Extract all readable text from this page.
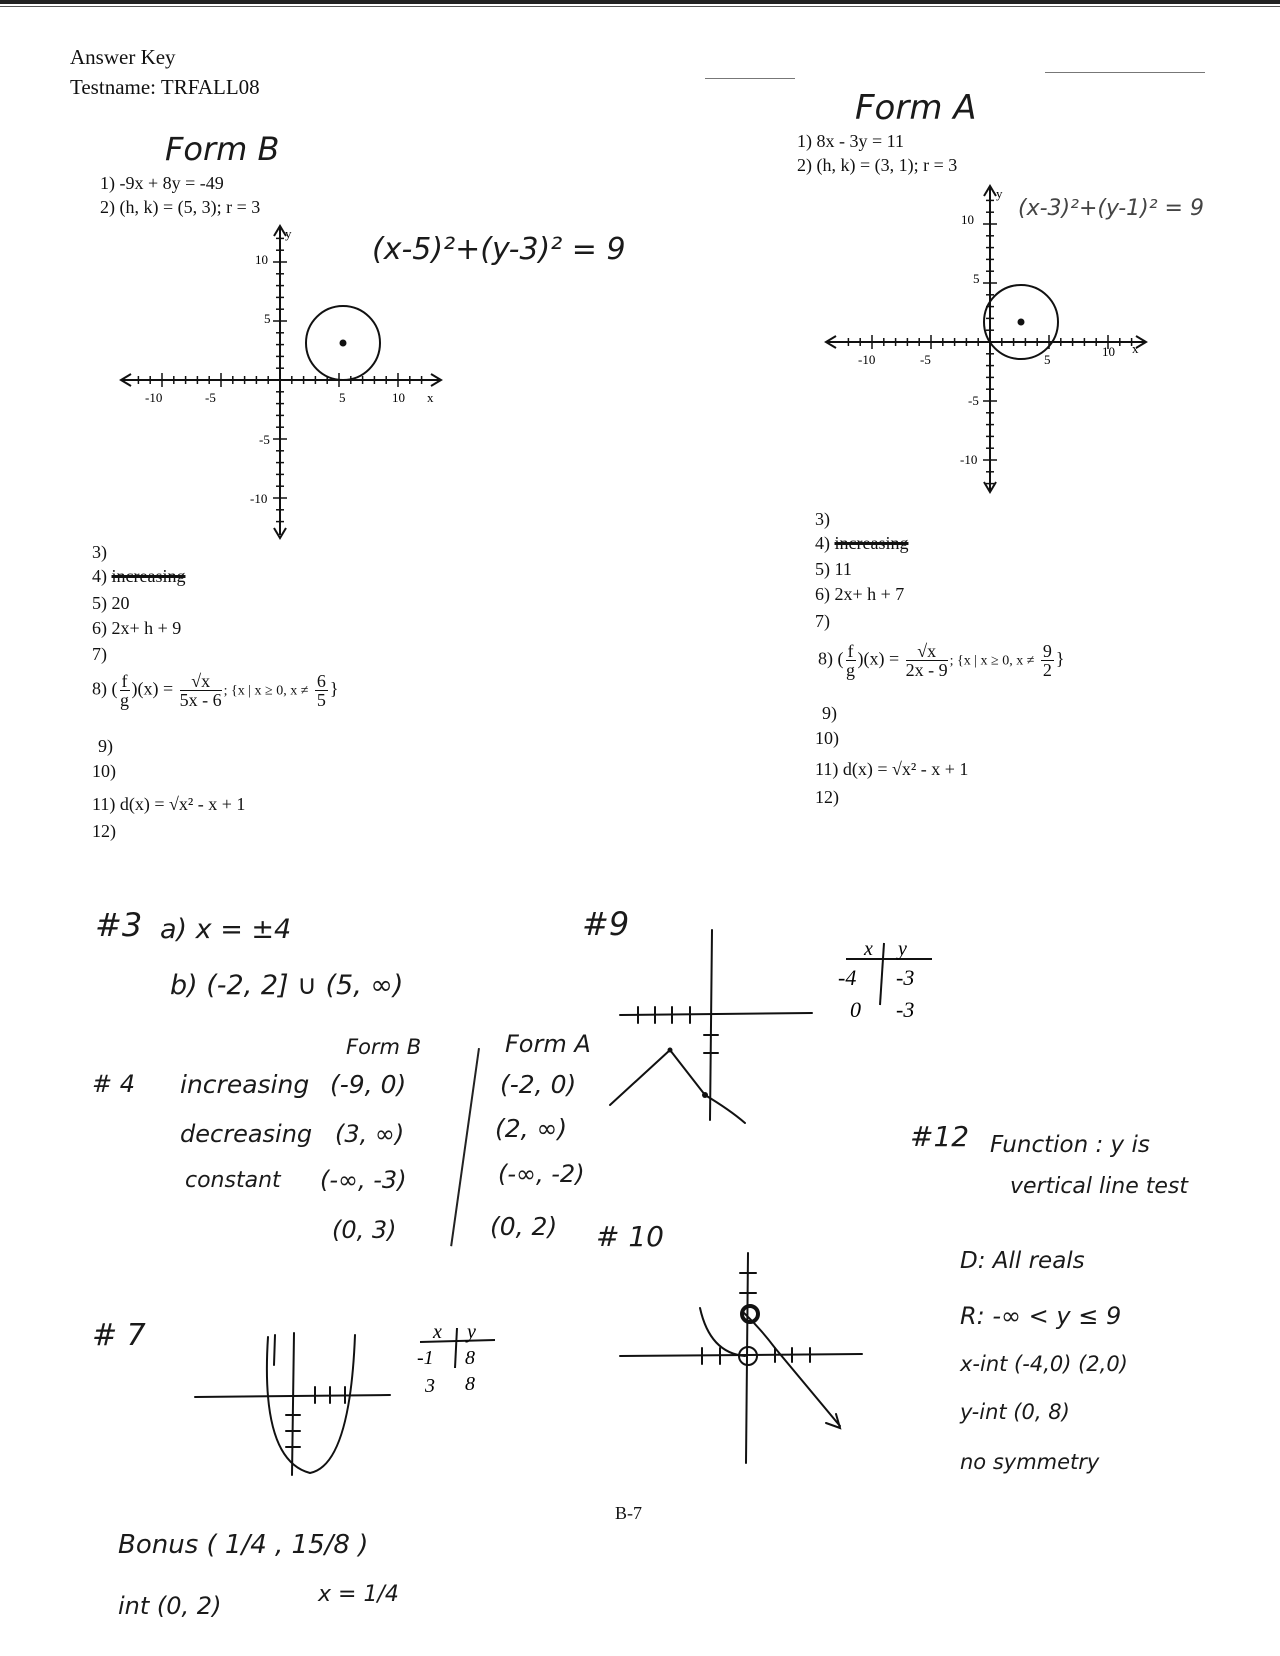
Answer Key
Testname: TRFALL08
Form B
1) -9x + 8y = -49
2) (h, k) = (5, 3); r = 3
(x-5)²+(y-3)² = 9
y
x
10
5
-5
-10
-10	-5	5	10
3)
4) increasing
5) 20
6) 2x+ h + 9
7)
8) ( $\frac{f}{g} )(x) = \frac{√x}{5x - 6}$ ; {x | x ≥ 0, $x \ne \frac{6}{5}$ }
9)
10)
11) d(x) = √x² - x + 1
12)
Form A
1) 8x - 3y = 11
2) (h, k) = (3, 1); r = 3
(x-3)²+(y-1)² = 9
y
x
10
5
-5
-10
-10	-5	5
10
3)
4) increasing
5) 11
6) 2x+ h + 7
7)
8) ( $\frac{f}{g} )(x) = \frac{√x}{2x - 9}$ ; {x | x ≥ 0, $x \ne \frac{9}{2}$ }
9)
10)
11) d(x) = √x² - x + 1
12)
#3 a) x = ±4
b) (-2, 2] ∪ (5, ∞)
Form B	Form A
# 4 increasing (-9, 0)	(-2, 0)
decreasing (3, ∞)	(2, ∞)
constant (-∞, -3)	(-∞, -2)
(0, 3)	(0, 2)
#9
x y
-4 -3
0 -3
# 10
#12 Function : y is
vertical line test
D: All reals
R: -∞ < y ≤ 9
x-int (-4,0) (2,0)
y-int (0, 8)
no symmetry
# 7	x y
-1 8
3 8
Bonus ( 1/4 , 15/8 )
int (0, 2)	x = 1/4
B-7
